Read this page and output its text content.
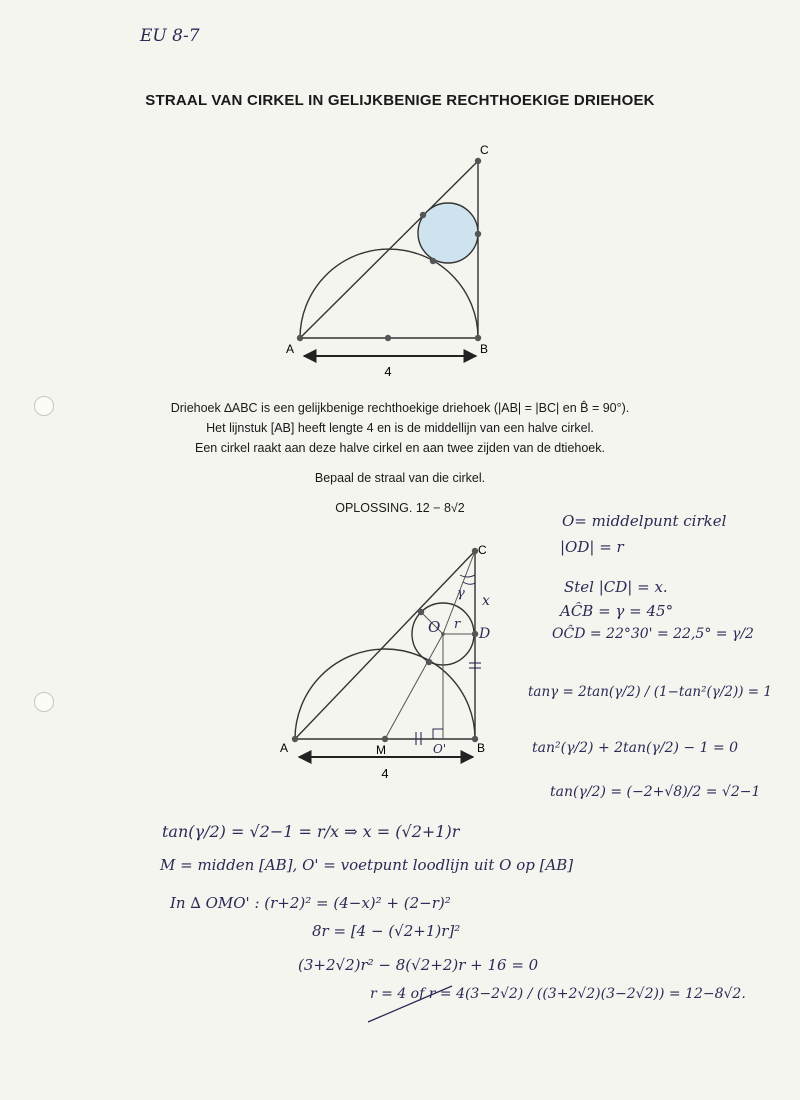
EU 8-7
STRAAL VAN CIRKEL IN GELIJKBENIGE RECHTHOEKIGE DRIEHOEK
A	B
C
4
Driehoek ∆ABC is een gelijkbenige rechthoekige driehoek (|AB| = |BC| en B̂ = 90°).
Het lijnstuk [AB] heeft lengte 4 en is de middellijn van een halve cirkel.
Een cirkel raakt aan deze halve cirkel en aan twee zijden van de dtiehoek.
Bepaal de straal van die cirkel.
OPLOSSING. 12 − 8√2
A	B
C
M
O
O'
D
r
x
γ
4
O= middelpunt cirkel
|OD| = r
Stel |CD| = x.
AĈB = γ = 45°
OĈD = 22°30' = 22,5° = γ/2
tanγ = 2tan(γ/2) / (1−tan²(γ/2)) = 1
tan²(γ/2) + 2tan(γ/2) − 1 = 0
tan(γ/2) = (−2+√8)/2 = √2−1
tan(γ/2) = √2−1 = r/x ⇒ x = (√2+1)r
M = midden [AB], O' = voetpunt loodlijn uit O op [AB]
In ∆ OMO' : (r+2)² = (4−x)² + (2−r)²
8r = [4 − (√2+1)r]²
(3+2√2)r² − 8(√2+2)r + 16 = 0
r = 4 of r = 4(3−2√2) / ((3+2√2)(3−2√2)) = 12−8√2.
